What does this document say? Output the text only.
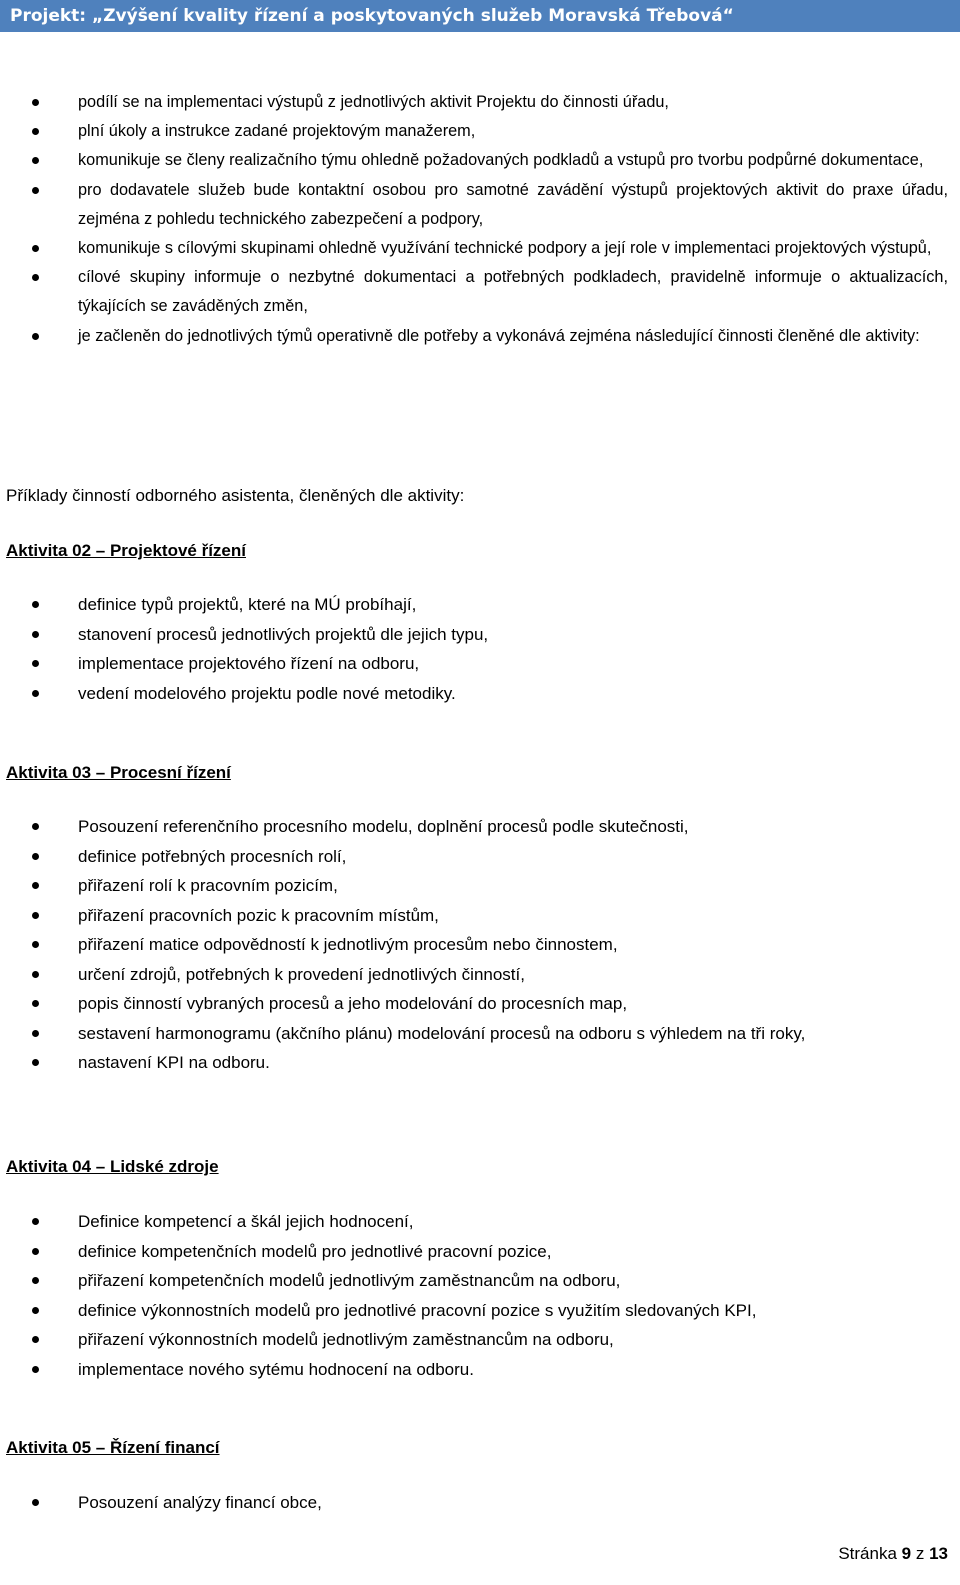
Projekt: „Zvýšení kvality řízení a poskytovaných služeb Moravská Třebová“
podílí se na implementaci výstupů z jednotlivých aktivit Projektu do činnosti úřadu,
plní úkoly a instrukce zadané projektovým manažerem,
komunikuje se členy realizačního týmu ohledně požadovaných podkladů a vstupů pro tvorbu podpůrné dokumentace,
pro dodavatele služeb bude kontaktní osobou pro samotné zavádění výstupů projektových aktivit do praxe úřadu, zejména z pohledu technického zabezpečení a podpory,
komunikuje s cílovými skupinami ohledně využívání technické podpory a její role v implementaci projektových výstupů,
cílové skupiny informuje o nezbytné dokumentaci a potřebných podkladech, pravidelně informuje o aktualizacích, týkajících se zaváděných změn,
je začleněn do jednotlivých týmů operativně dle potřeby a vykonává zejména následující činnosti členěné dle aktivity:
Příklady činností odborného asistenta, členěných dle aktivity:
Aktivita 02 – Projektové řízení
definice typů projektů, které na MÚ probíhají,
stanovení procesů jednotlivých projektů dle jejich typu,
implementace projektového řízení na odboru,
vedení modelového projektu podle nové metodiky.
Aktivita 03 – Procesní řízení
Posouzení referenčního procesního modelu, doplnění procesů podle skutečnosti,
definice potřebných procesních rolí,
přiřazení rolí k pracovním pozicím,
přiřazení pracovních pozic k pracovním místům,
přiřazení matice odpovědností k jednotlivým procesům nebo činnostem,
určení zdrojů, potřebných k provedení jednotlivých činností,
popis činností vybraných procesů a jeho modelování do procesních map,
sestavení harmonogramu (akčního plánu) modelování procesů na odboru s výhledem na tři roky,
nastavení KPI na odboru.
Aktivita 04 – Lidské zdroje
Definice kompetencí a škál jejich hodnocení,
definice kompetenčních modelů pro jednotlivé pracovní pozice,
přiřazení kompetenčních modelů jednotlivým zaměstnancům na odboru,
definice výkonnostních modelů pro jednotlivé pracovní pozice s využitím sledovaných KPI,
přiřazení výkonnostních modelů jednotlivým zaměstnancům na odboru,
implementace nového sytému hodnocení na odboru.
Aktivita 05 – Řízení financí
Posouzení analýzy financí obce,
Stránka 9 z 13
